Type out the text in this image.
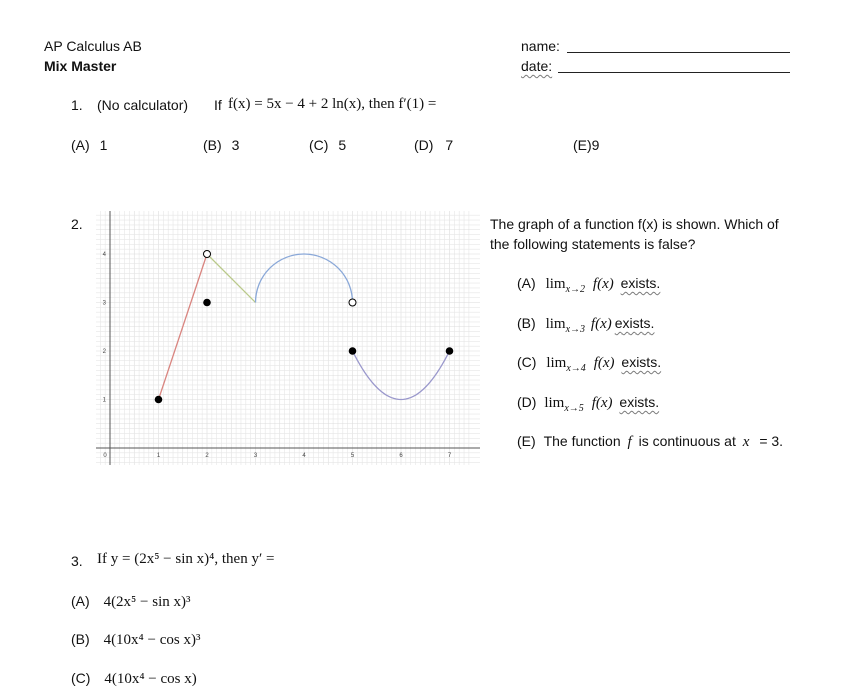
AP Calculus AB
Mix Master
name:
date:
1. (No calculator) If f(x) = 5x − 4 + 2 ln(x), then f′(1) =
(A) 1	(B) 3	(C) 5	(D) 7	(E)9
2.
0	1	2	3	4	5	6	7
1
2
3
4
The graph of a function f(x) is shown. Which of
the following statements is false?
(A) $\lim_{x\to 2} f(x)$ exists.
(B) $\lim_{x\to 3} f(x)$ exists.
(C) $\lim_{x\to 4} f(x)$ exists.
(D) $\lim_{x\to 5} f(x)$ exists.
(E) The function f is continuous at x = 3.
3. If y = (2x⁵ − sin x)⁴, then y′ =
(A) 4(2x⁵ − sin x)³
(B) 4(10x⁴ − cos x)³
(C) 4(10x⁴ − cos x)
